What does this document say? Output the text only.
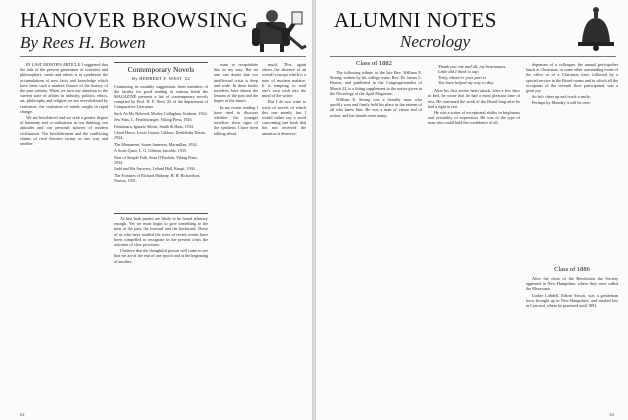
HANOVER BROWSING
By Rees H. Bowen

IN LAST MONTH'S ARTICLE I suggested that the task of the present generation of scientists and philosophers, saints and artists is to synthesize the accumulations of new facts and knowledge which have been such a marked feature of the history of the past century. When we turn our attention to the current state of affairs in industry, politics, ethics, art, philosophy and religion we are overwhelmed by confusion, the confusion of minds caught in rapid change.

We are bewildered and we seek a greater degree of harmony and co-ordination in our thinking, our attitudes and our personal spheres of modern civilization. The bewilderment and the conflicting claims of rival theories sweep us one way and another.

Contemporary Novels
By HERBERT F. WEST '22
Continuing its monthly suggestions from members of the faculty for good reading in various fields the MAGAZINE presents a list of contemporary novels compiled by Prof. H. F. West '22 of the department of Comparative Literature.
Such As My Beloved, Morley Callaghan, Scribner, 1934.
Jew Süss, L. Feuchtwanger, Viking Press, 1926.
Fontamara, Ignazio Silone, Smith & Haas, 1934.
Cloud Howe, Lewis Grassic Gibbon, Doubleday Doran, 1934.
The Monument, Storm Jameson, Macmillan, 1932.
A Scots Quair, L. G. Gibbon, Jarrolds, 1935.
Nest of Simple Folk, Sean O'Faolain, Viking Press, 1934.
Judd and His Answers, Leland Hall, Knopf, 1934.
The Fortunes of Richard Mahony, H. H. Richardson, Norton, 1931.

At best both parties are likely to be found arbitrary enough. Yet we must begin to give something to the men of the past, the forward and the backward. Those of us who have studied the roots of recent events have been compelled to recognize in the present crisis the outcome of slow processes.

I believe that the thoughtful person will come to see that we are at the end of one epoch and at the beginning of another.

want to recapitulate this in my way. But no one can doubt that our intellectual crisis is deep and wide. In these books novelists have shown the lessons of the past and the hopes of the future.

In my recent reading I have tried to discover whether the younger novelists show signs of the synthesis I have been talking about.

much. This again shows the absence of an overall concept which is a note of modern malaise. It is tempting to read one's own wish into the mind of the writer.

But I do not want to write of novels of which this one month, but I would rather say a word concerning one book that has not received the attention it deserves.

62
ALUMNI NOTES
Necrology
Class of 1882

The following tribute to the late Rev. William E. Strong, written by his college mate, Rev. Dr. James L. Barton, and published in the Congregationalist of March 22, is a fitting supplement to the notice given in the Necrology of the April Magazine.

William E. Strong was a friendly man, who quickly won and firmly held his place in the esteem of all who knew him. He was a man of vision and of action, and his friends were many.

Thank you one and all, my heartmates,
Little did I think to say;
Truly, whate'er your part is
You have helped my way to-day.

After his first severe heart attack, after a few days in bed, he wrote that he had a most pleasant time of rest. He continued the work of the Board long after he had a right to rest.

He was a writer of exceptional ability in brightness and versatility of expression. He was of the type of man who could hold the confidence of all.

departure of a colleague, the annual get-together lunch at Christmas, or some other outstanding event of the office or of a Christmas time, followed by a special service in the Board rooms and in which all the occupants of the seventh floor participated, was a great joy.

So let's cheer up and crack a smile;

Perhaps by Monday it will be over.

Class of 1886

After the close of the Revolution the Society appeared in New Hampshire, where they were called the Moravians.

Luther Lobdell, Edwin Sisson, was a gentleman born, brought up in New Hampshire, and studied law in Concord, where he practised until 1892.

63
